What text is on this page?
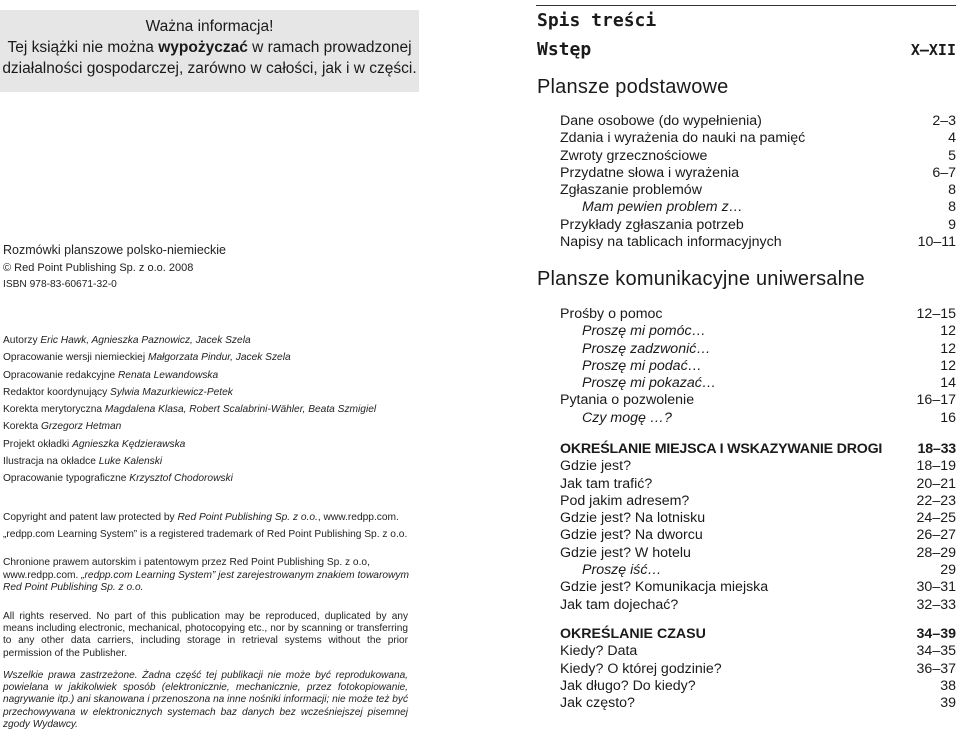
Ważna informacja!
Tej książki nie można wypożyczać w ramach prowadzonej
działalności gospodarczej, zarówno w całości, jak i w części.
Rozmówki planszowe polsko-niemieckie
© Red Point Publishing Sp. z o.o. 2008
ISBN 978-83-60671-32-0
Autorzy Eric Hawk, Agnieszka Paznowicz, Jacek Szela
Opracowanie wersji niemieckiej Małgorzata Pindur, Jacek Szela
Opracowanie redakcyjne Renata Lewandowska
Redaktor koordynujący Sylwia Mazurkiewicz-Petek
Korekta merytoryczna Magdalena Klasa, Robert Scalabrini-Wähler, Beata Szmigiel
Korekta Grzegorz Hetman
Projekt okładki Agnieszka Kędzierawska
Ilustracja na okładce Luke Kalenski
Opracowanie typograficzne Krzysztof Chodorowski
Copyright and patent law protected by Red Point Publishing Sp. z o.o., www.redpp.com.
„redpp.com Learning System” is a registered trademark of Red Point Publishing Sp. z o.o.
Chronione prawem autorskim i patentowym przez Red Point Publishing Sp. z o.o,
www.redpp.com. „redpp.com Learning System” jest zarejestrowanym znakiem towarowym
Red Point Publishing Sp. z o.o.
All rights reserved. No part of this publication may be reproduced, duplicated by any means including electronic, mechanical, photocopying etc., nor by scanning or transferring to any other data carriers, including storage in retrieval systems without the prior permission of the Publisher.
Wszelkie prawa zastrzeżone. Żadna część tej publikacji nie może być reprodukowana, powielana w jakikolwiek sposób (elektronicznie, mechanicznie, przez fotokopiowanie, nagrywanie itp.) ani skanowana i przenoszona na inne nośniki informacji; nie może też być przechowywana w elektronicznych systemach baz danych bez wcześniejszej pisemnej zgody Wydawcy.
Spis treści
Wstęp	X–XII
Plansze podstawowe
Dane osobowe (do wypełnienia)	2–3
Zdania i wyrażenia do nauki na pamięć	4
Zwroty grzecznościowe	5
Przydatne słowa i wyrażenia	6–7
Zgłaszanie problemów	8
Mam pewien problem z…	8
Przykłady zgłaszania potrzeb	9
Napisy na tablicach informacyjnych	10–11
Plansze komunikacyjne uniwersalne
Prośby o pomoc	12–15
Proszę mi pomóc…	12
Proszę zadzwonić…	12
Proszę mi podać…	12
Proszę mi pokazać…	14
Pytania o pozwolenie	16–17
Czy mogę …?	16
OKREŚLANIE MIEJSCA I WSKAZYWANIE DROGI 18–33
Gdzie jest?	18–19
Jak tam trafić?	20–21
Pod jakim adresem?	22–23
Gdzie jest? Na lotnisku	24–25
Gdzie jest? Na dworcu	26–27
Gdzie jest? W hotelu	28–29
Proszę iść…	29
Gdzie jest? Komunikacja miejska	30–31
Jak tam dojechać?	32–33
OKREŚLANIE CZASU	34–39
Kiedy? Data	34–35
Kiedy? O której godzinie?	36–37
Jak długo? Do kiedy?	38
Jak często?	39
